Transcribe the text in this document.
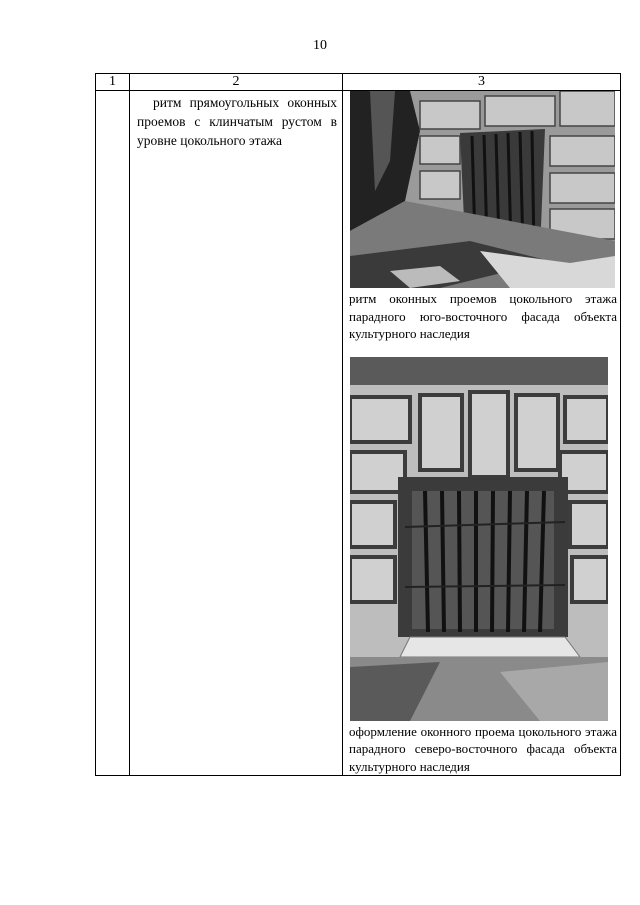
10
1	2	3

	ритм прямоугольных оконных проемов с клинчатым рустом в уровне цокольного этажа	ритм оконных проемов цокольного этажа парадного юго-восточного фасада объекта культурного наследия
оформление оконного проема цокольного этажа парадного северо-восточного фасада объекта культурного наследия
